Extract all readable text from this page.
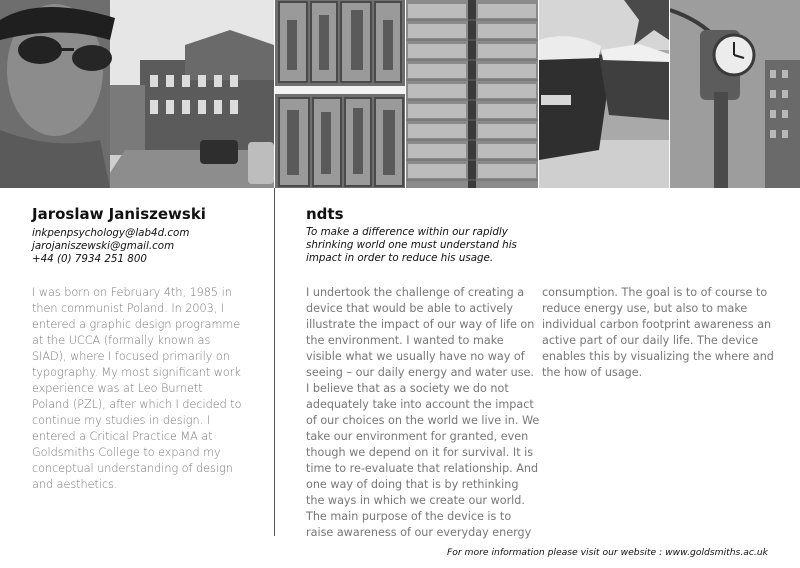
Jaroslaw Janiszewski
inkpenpsychology@lab4d.com
jarojaniszewski@gmail.com
+44 (0) 7934 251 800
I was born on February 4th, 1985 in
then communist Poland. In 2003, I
entered a graphic design programme
at the UCCA (formally known as
SIAD), where I focused primarily on
typography. My most significant work
experience was at Leo Burnett
Poland (PZL), after which I decided to
continue my studies in design. I
entered a Critical Practice MA at
Goldsmiths College to expand my
conceptual understanding of design
and aesthetics.
ndts
To make a difference within our rapidly
shrinking world one must understand his
impact in order to reduce his usage.
I undertook the challenge of creating a
device that would be able to actively
illustrate the impact of our way of life on
the environment. I wanted to make
visible what we usually have no way of
seeing – our daily energy and water use.
I believe that as a society we do not
adequately take into account the impact
of our choices on the world we live in. We
take our environment for granted, even
though we depend on it for survival. It is
time to re-evaluate that relationship. And
one way of doing that is by rethinking
the ways in which we create our world.
The main purpose of the device is to
raise awareness of our everyday energy
consumption. The goal is to of course to
reduce energy use, but also to make
individual carbon footprint awareness an
active part of our daily life. The device
enables this by visualizing the where and
the how of usage.
For more information please visit our website : www.goldsmiths.ac.uk
